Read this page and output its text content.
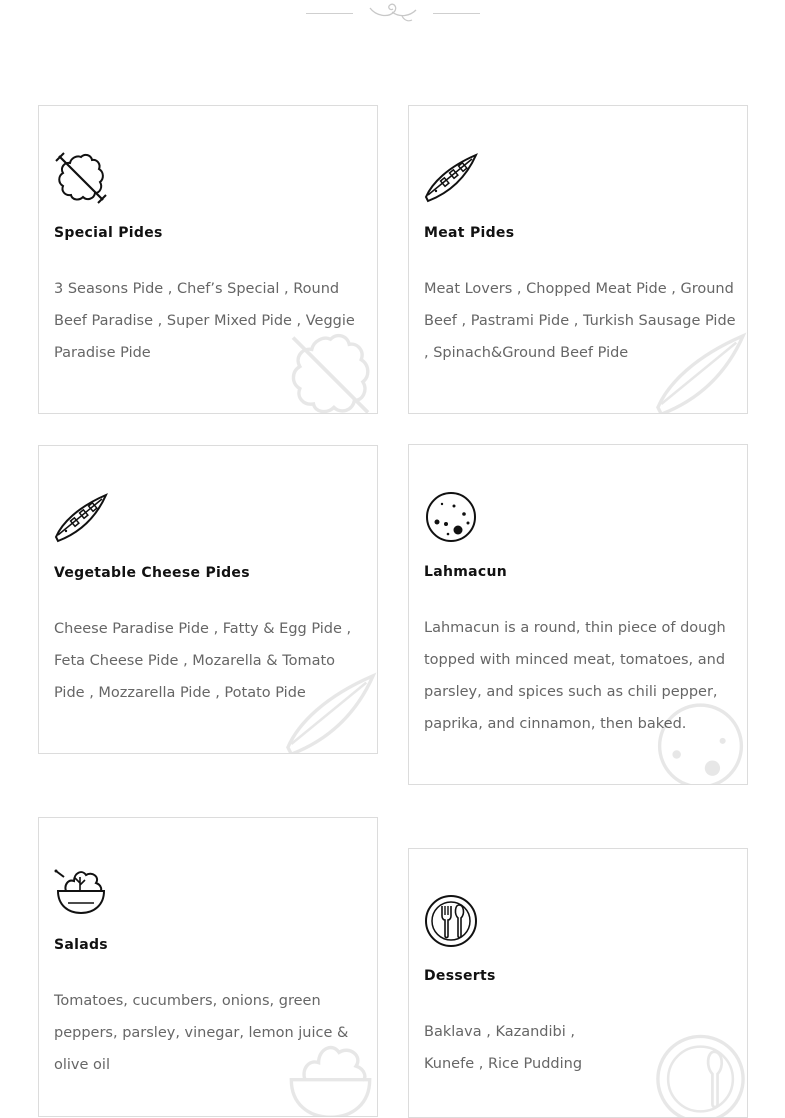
Special Pides
3 Seasons Pide , Chef’s Special , Round Beef Paradise , Super Mixed Pide , Veggie Paradise Pide
Meat Pides
Meat Lovers , Chopped Meat Pide , Ground Beef , Pastrami Pide , Turkish Sausage Pide , Spinach&Ground Beef Pide
Vegetable Cheese Pides
Cheese Paradise Pide , Fatty & Egg Pide , Feta Cheese Pide , Mozarella & Tomato Pide , Mozzarella Pide , Potato Pide
Lahmacun
Lahmacun is a round, thin piece of dough topped with minced meat, tomatoes, and parsley, and spices such as chili pepper, paprika, and cinnamon, then baked.
Salads
Tomatoes, cucumbers, onions, green peppers, parsley, vinegar, lemon juice & olive oil
Desserts
Baklava , Kazandibi , Kunefe , Rice Pudding
